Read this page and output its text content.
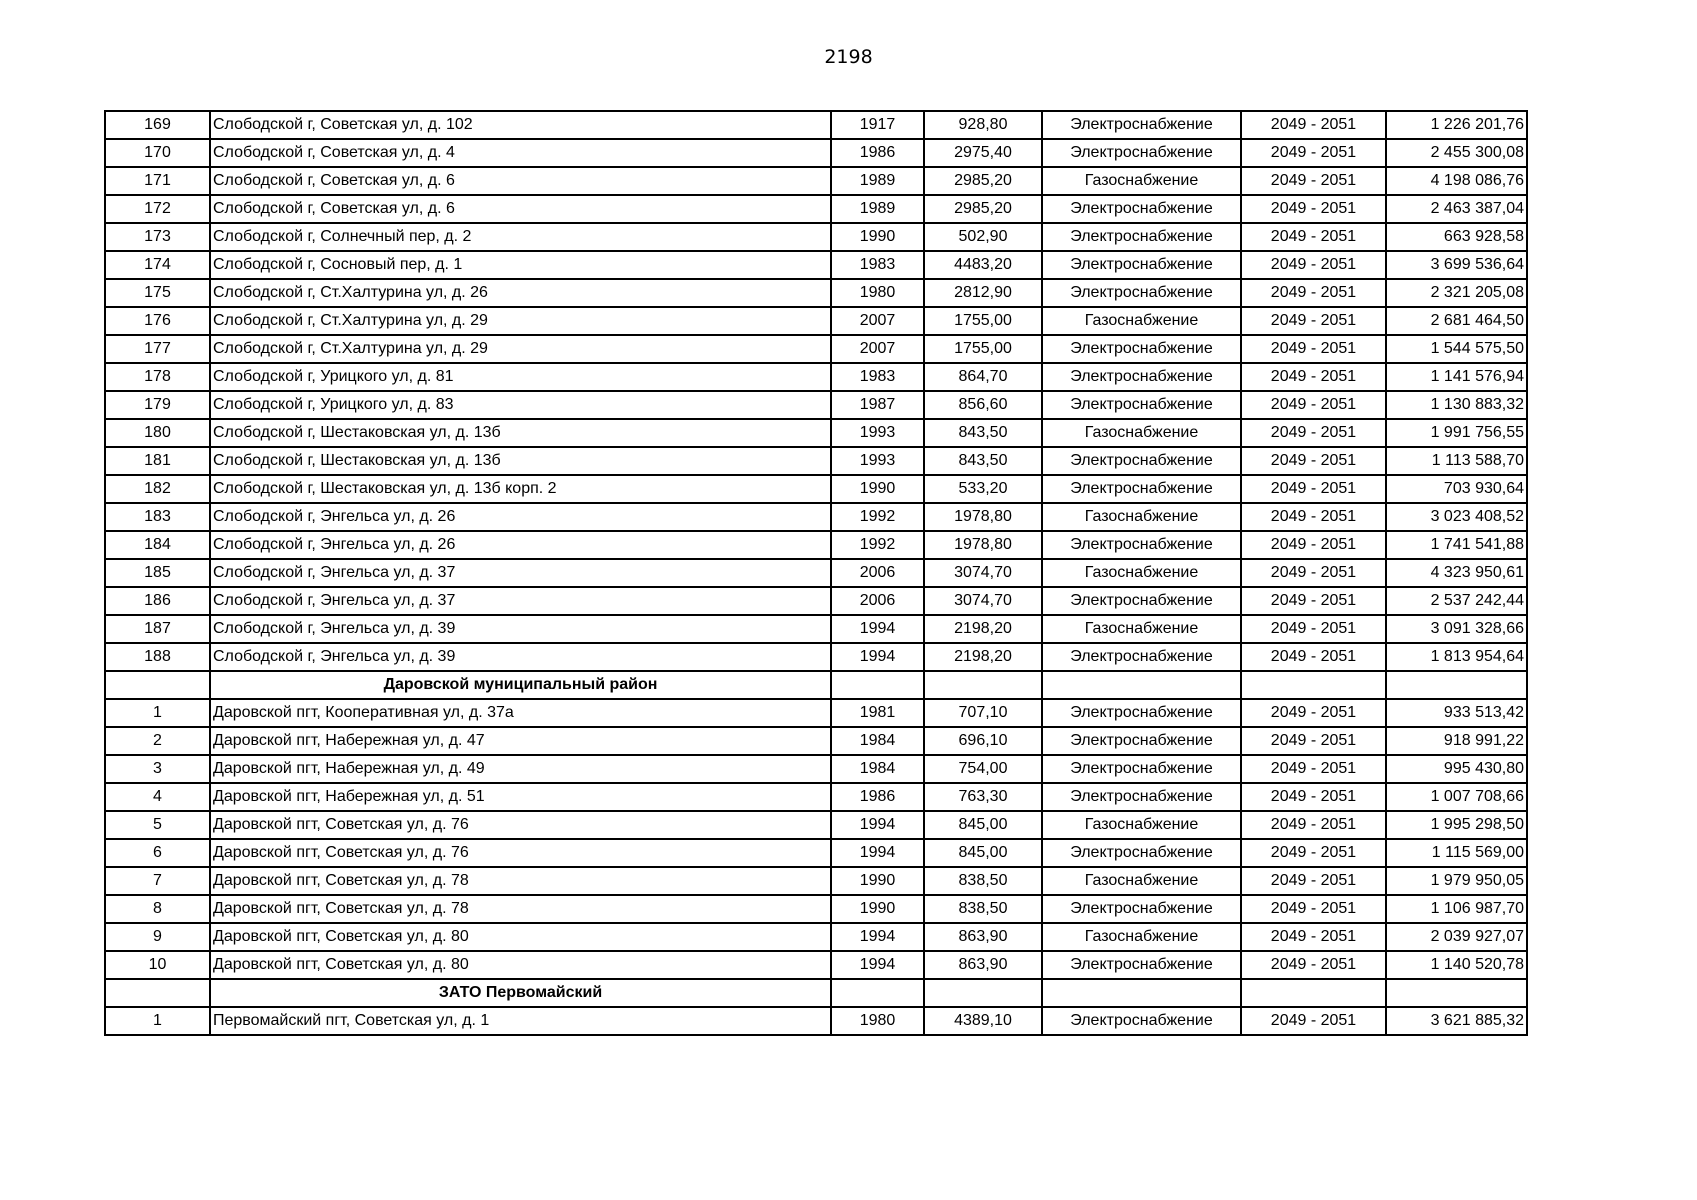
2198
169	Слободской г, Советская ул, д. 102	1917	928,80	Электроснабжение	2049 - 2051	1 226 201,76
170	Слободской г, Советская ул, д. 4	1986	2975,40	Электроснабжение	2049 - 2051	2 455 300,08
171	Слободской г, Советская ул, д. 6	1989	2985,20	Газоснабжение	2049 - 2051	4 198 086,76
172	Слободской г, Советская ул, д. 6	1989	2985,20	Электроснабжение	2049 - 2051	2 463 387,04
173	Слободской г, Солнечный пер, д. 2	1990	502,90	Электроснабжение	2049 - 2051	663 928,58
174	Слободской г, Сосновый пер, д. 1	1983	4483,20	Электроснабжение	2049 - 2051	3 699 536,64
175	Слободской г, Ст.Халтурина ул, д. 26	1980	2812,90	Электроснабжение	2049 - 2051	2 321 205,08
176	Слободской г, Ст.Халтурина ул, д. 29	2007	1755,00	Газоснабжение	2049 - 2051	2 681 464,50
177	Слободской г, Ст.Халтурина ул, д. 29	2007	1755,00	Электроснабжение	2049 - 2051	1 544 575,50
178	Слободской г, Урицкого ул, д. 81	1983	864,70	Электроснабжение	2049 - 2051	1 141 576,94
179	Слободской г, Урицкого ул, д. 83	1987	856,60	Электроснабжение	2049 - 2051	1 130 883,32
180	Слободской г, Шестаковская ул, д. 13б	1993	843,50	Газоснабжение	2049 - 2051	1 991 756,55
181	Слободской г, Шестаковская ул, д. 13б	1993	843,50	Электроснабжение	2049 - 2051	1 113 588,70
182	Слободской г, Шестаковская ул, д. 13б корп. 2	1990	533,20	Электроснабжение	2049 - 2051	703 930,64
183	Слободской г, Энгельса ул, д. 26	1992	1978,80	Газоснабжение	2049 - 2051	3 023 408,52
184	Слободской г, Энгельса ул, д. 26	1992	1978,80	Электроснабжение	2049 - 2051	1 741 541,88
185	Слободской г, Энгельса ул, д. 37	2006	3074,70	Газоснабжение	2049 - 2051	4 323 950,61
186	Слободской г, Энгельса ул, д. 37	2006	3074,70	Электроснабжение	2049 - 2051	2 537 242,44
187	Слободской г, Энгельса ул, д. 39	1994	2198,20	Газоснабжение	2049 - 2051	3 091 328,66
188	Слободской г, Энгельса ул, д. 39	1994	2198,20	Электроснабжение	2049 - 2051	1 813 954,64
	Даровской муниципальный район					
1	Даровской пгт, Кооперативная ул, д. 37а	1981	707,10	Электроснабжение	2049 - 2051	933 513,42
2	Даровской пгт, Набережная ул, д. 47	1984	696,10	Электроснабжение	2049 - 2051	918 991,22
3	Даровской пгт, Набережная ул, д. 49	1984	754,00	Электроснабжение	2049 - 2051	995 430,80
4	Даровской пгт, Набережная ул, д. 51	1986	763,30	Электроснабжение	2049 - 2051	1 007 708,66
5	Даровской пгт, Советская ул, д. 76	1994	845,00	Газоснабжение	2049 - 2051	1 995 298,50
6	Даровской пгт, Советская ул, д. 76	1994	845,00	Электроснабжение	2049 - 2051	1 115 569,00
7	Даровской пгт, Советская ул, д. 78	1990	838,50	Газоснабжение	2049 - 2051	1 979 950,05
8	Даровской пгт, Советская ул, д. 78	1990	838,50	Электроснабжение	2049 - 2051	1 106 987,70
9	Даровской пгт, Советская ул, д. 80	1994	863,90	Газоснабжение	2049 - 2051	2 039 927,07
10	Даровской пгт, Советская ул, д. 80	1994	863,90	Электроснабжение	2049 - 2051	1 140 520,78
	ЗАТО Первомайский					
1	Первомайский пгт, Советская ул, д. 1	1980	4389,10	Электроснабжение	2049 - 2051	3 621 885,32
